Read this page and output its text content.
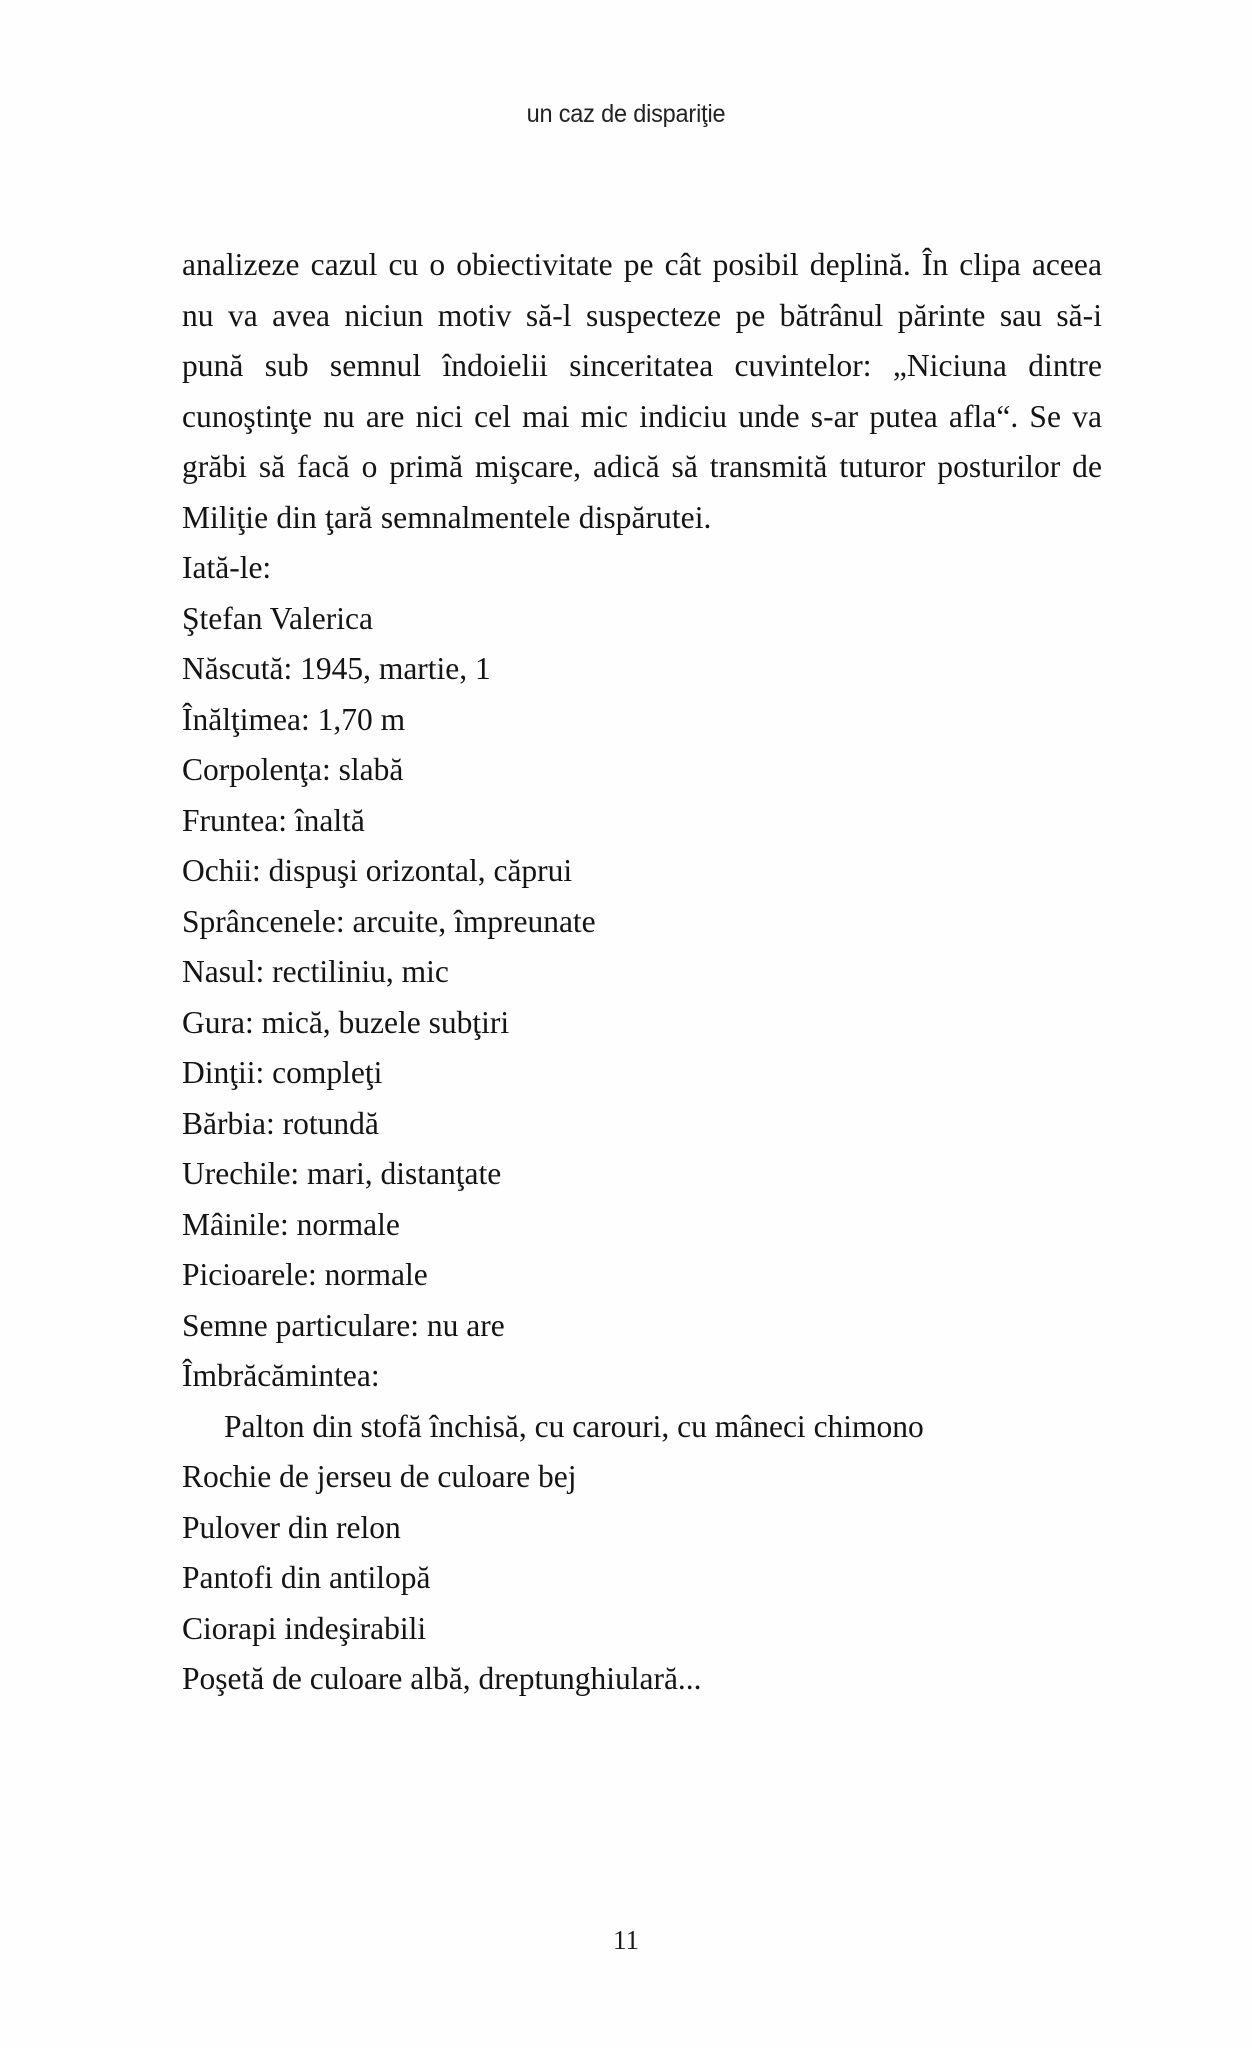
un caz de dispariţie

analizeze cazul cu o obiectivitate pe cât posibil deplină. În clipa aceea nu va avea niciun motiv să-l suspecteze pe bătrânul părinte sau să-i pună sub semnul îndoielii sinceritatea cuvintelor: „Niciuna dintre cunoştinţe nu are nici cel mai mic indiciu unde s-ar putea afla“. Se va grăbi să facă o primă mişcare, adică să transmită tuturor posturilor de Miliţie din ţară semnalmentele dispărutei.

Iată-le:
Ştefan Valerica
Născută: 1945, martie, 1
Înălţimea: 1,70 m
Corpolenţa: slabă
Fruntea: înaltă
Ochii: dispuşi orizontal, căprui
Sprâncenele: arcuite, împreunate
Nasul: rectiliniu, mic
Gura: mică, buzele subţiri
Dinţii: compleţi
Bărbia: rotundă
Urechile: mari, distanţate
Mâinile: normale
Picioarele: normale
Semne particulare: nu are
Îmbrăcămintea:

Palton din stofă închisă, cu carouri, cu mâneci chimono

Rochie de jerseu de culoare bej
Pulover din relon
Pantofi din antilopă
Ciorapi indeşirabili
Poşetă de culoare albă, dreptunghiulară...
11
